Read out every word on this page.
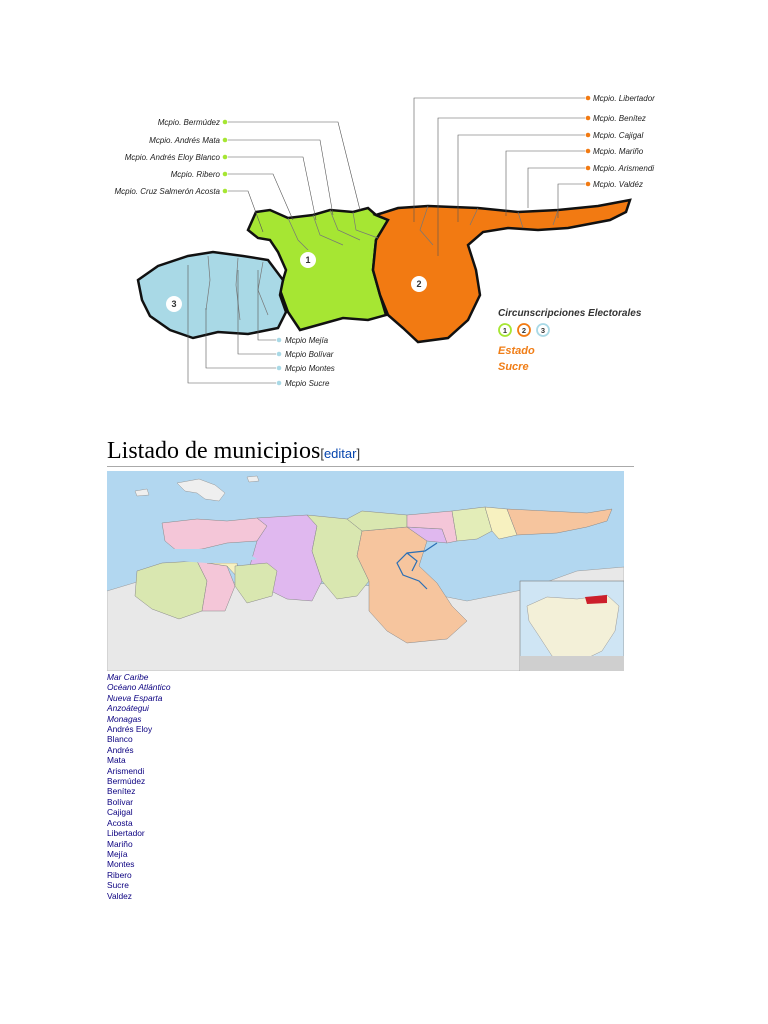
1
2
3
Mcpio. Bermúdez
Mcpio. Andrés Mata
Mcpio. Andrés Eloy Blanco
Mcpio. Ribero
Mcpio. Cruz Salmerón Acosta
Mcpio. Libertador
Mcpio. Benítez
Mcpio. Cajigal
Mcpio. Mariño
Mcpio. Arismendi
Mcpio. Valdéz
Mcpio Mejía
Mcpio Bolívar
Mcpio Montes
Mcpio Sucre
Circunscripciones Electorales
1 2 3
Estado
Sucre
Listado de municipios[editar]
Mar Caribe
Océano Atlántico
Nueva Esparta
Anzoátegui
Monagas
Andrés Eloy
Blanco
Andrés
Mata
Arismendi
Bermúdez
Benítez
Bolívar
Cajigal
Acosta
Libertador
Mariño
Mejía
Montes
Ribero
Sucre
Valdez
